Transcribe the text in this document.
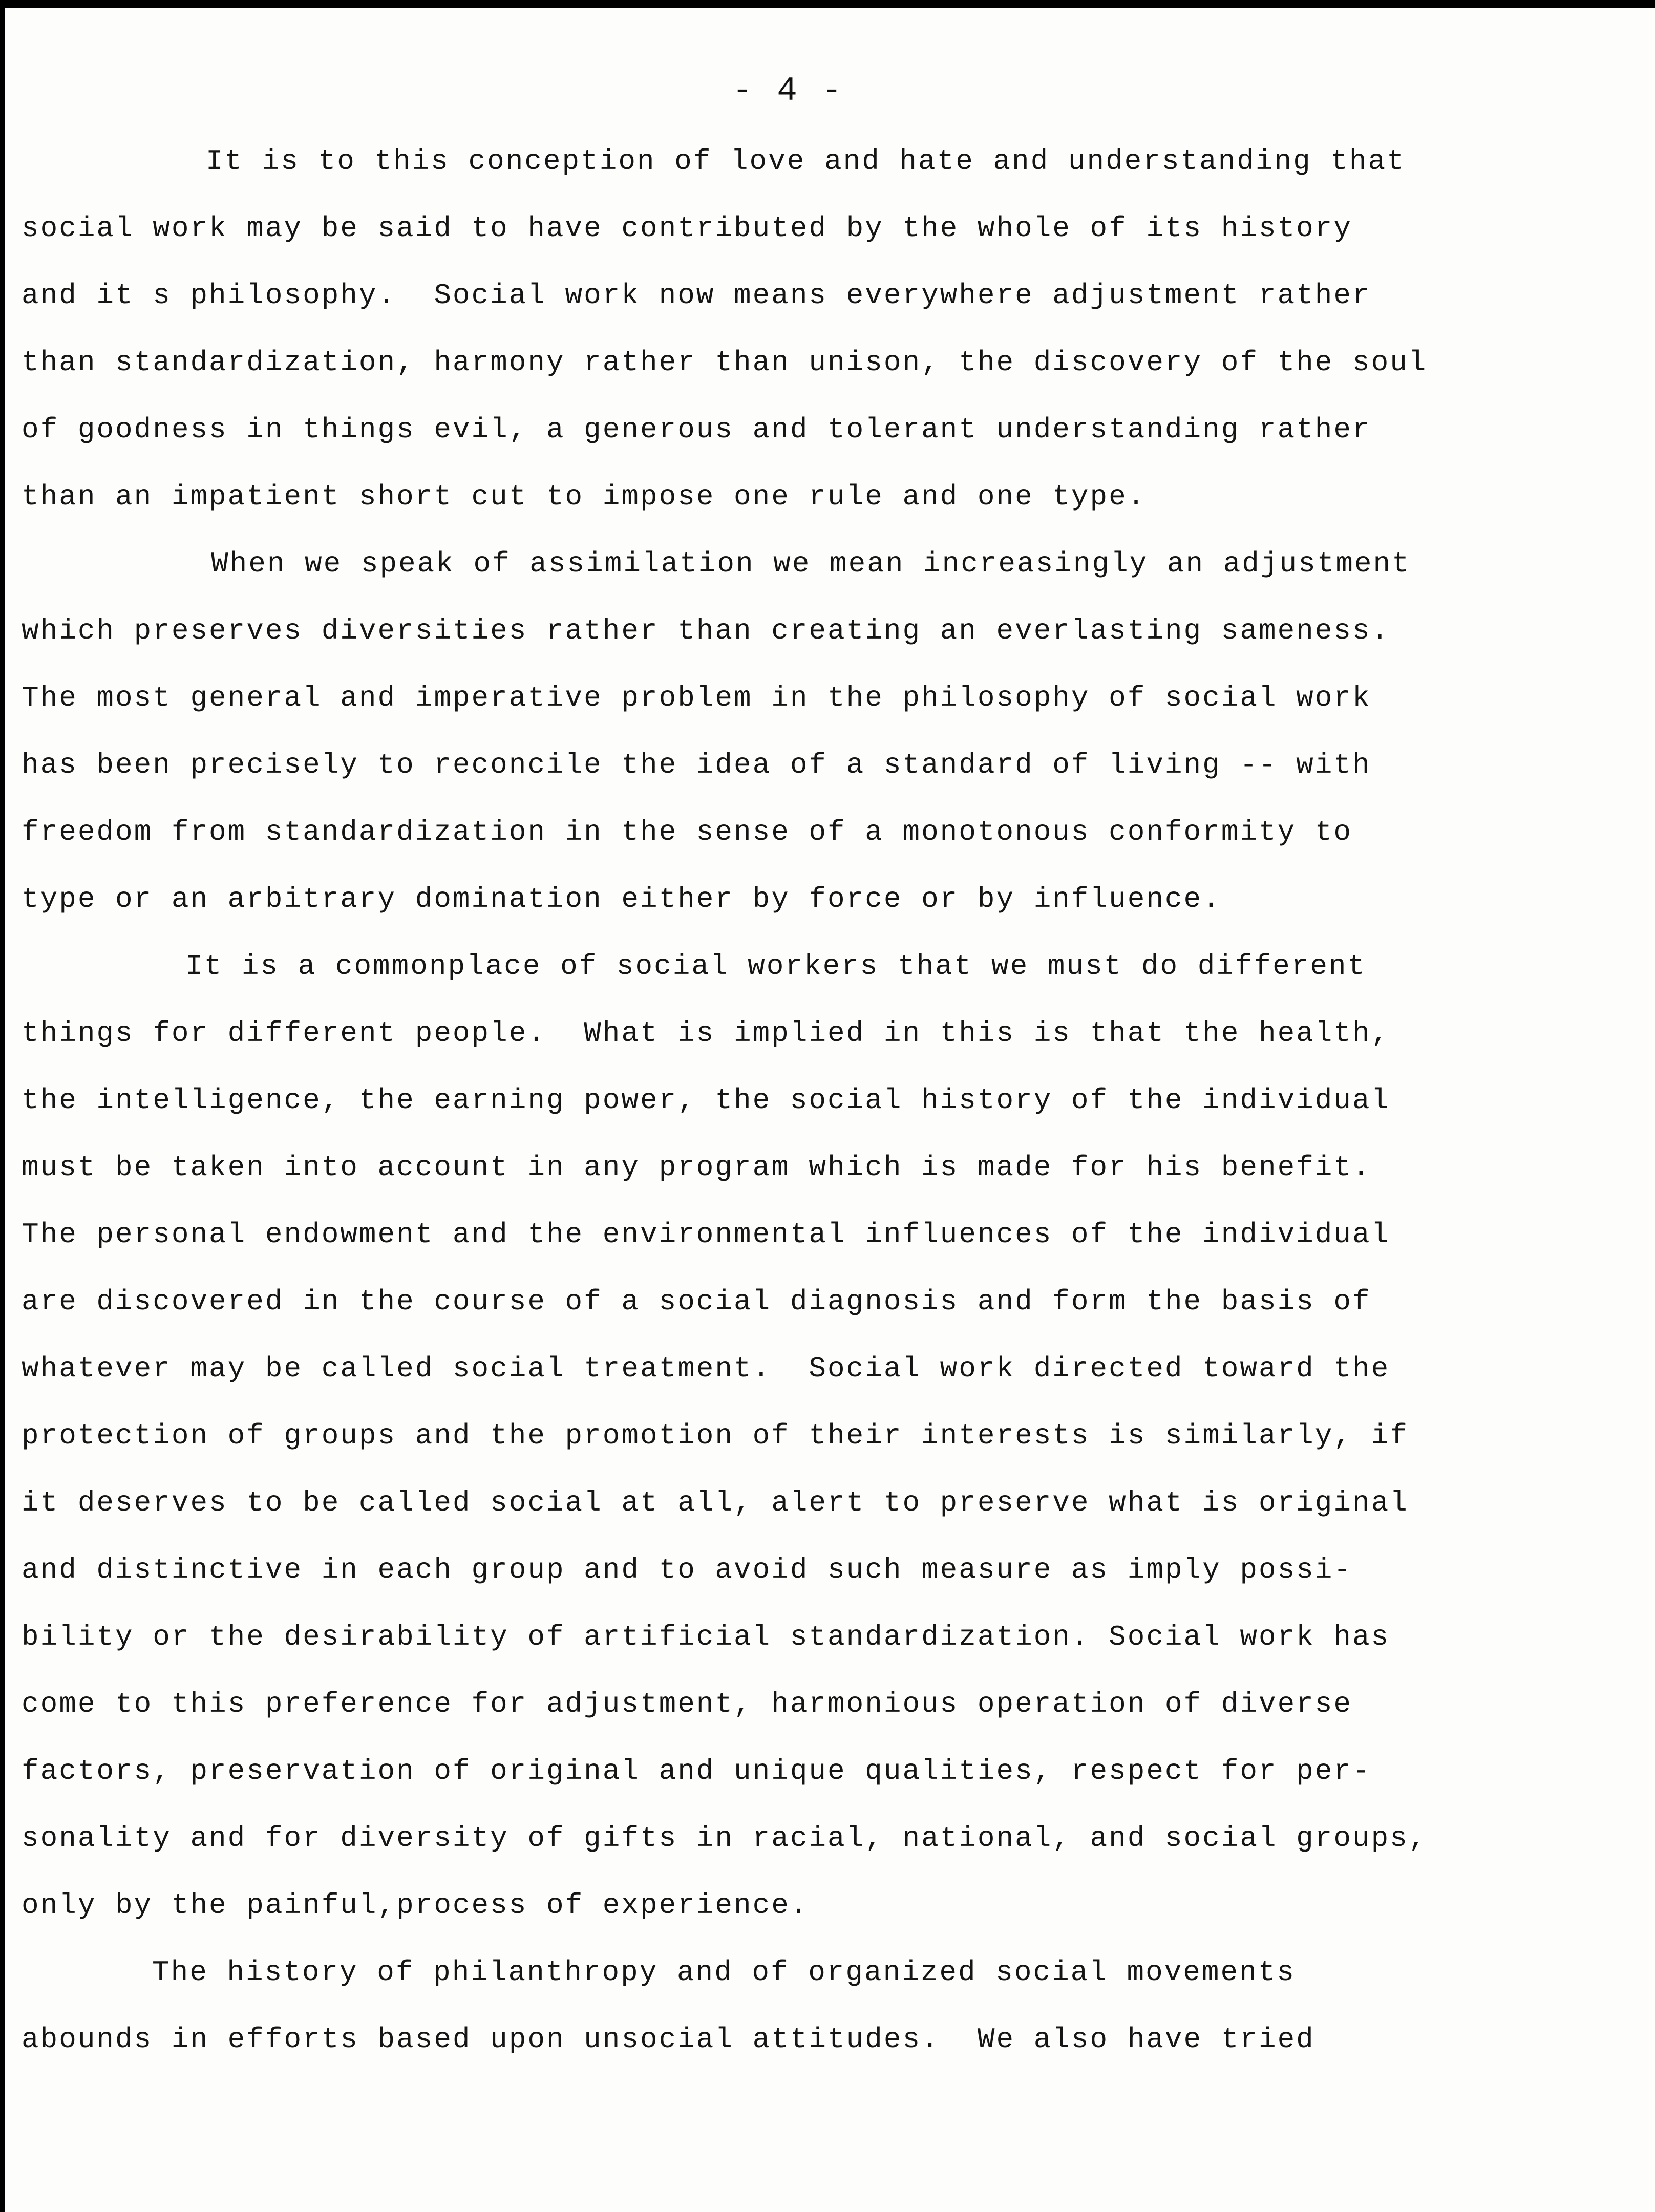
- 4 -
It is to this conception of love and hate and understanding that
social work may be said to have contributed by the whole of its history
and it s philosophy.  Social work now means everywhere adjustment rather
than standardization, harmony rather than unison, the discovery of the soul
of goodness in things evil, a generous and tolerant understanding rather
than an impatient short cut to impose one rule and one type.
When we speak of assimilation we mean increasingly an adjustment
which preserves diversities rather than creating an everlasting sameness.
The most general and imperative problem in the philosophy of social work
has been precisely to reconcile the idea of a standard of living -- with
freedom from standardization in the sense of a monotonous conformity to
type or an arbitrary domination either by force or by influence.
It is a commonplace of social workers that we must do different
things for different people.  What is implied in this is that the health,
the intelligence, the earning power, the social history of the individual
must be taken into account in any program which is made for his benefit.
The personal endowment and the environmental influences of the individual
are discovered in the course of a social diagnosis and form the basis of
whatever may be called social treatment.  Social work directed toward the
protection of groups and the promotion of their interests is similarly, if
it deserves to be called social at all, alert to preserve what is original
and distinctive in each group and to avoid such measure as imply possi-
bility or the desirability of artificial standardization. Social work has
come to this preference for adjustment, harmonious operation of diverse
factors, preservation of original and unique qualities, respect for per-
sonality and for diversity of gifts in racial, national, and social groups,
only by the painful,process of experience.
The history of philanthropy and of organized social movements
abounds in efforts based upon unsocial attitudes.  We also have tried
